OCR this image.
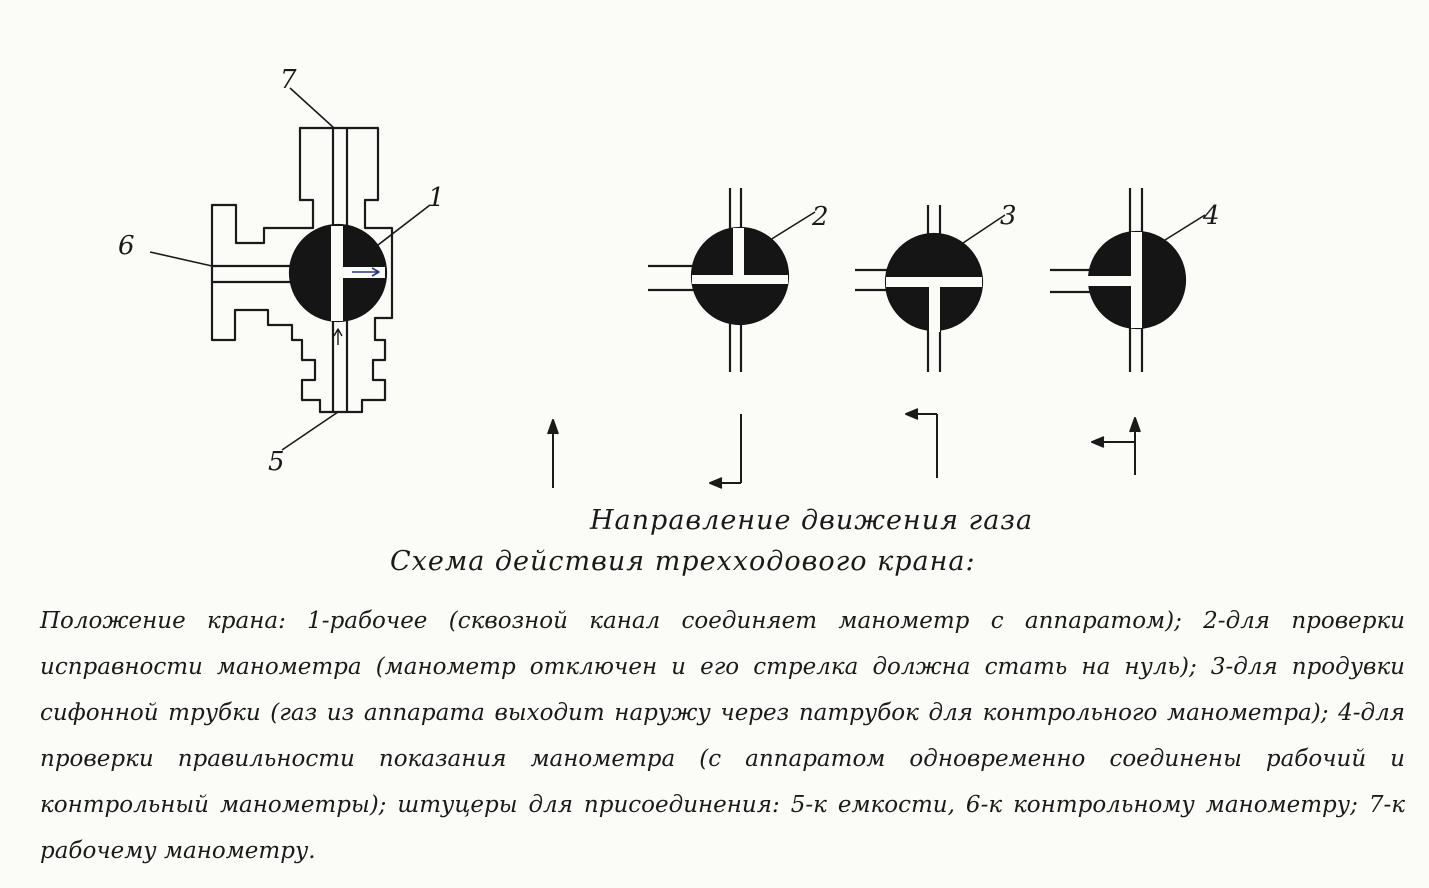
7
6
5
1
2	3	4
Направление движения газа
Схема действия трехходового крана:
Положение крана: 1-рабочее (сквозной канал соединяет манометр с аппаратом); 2-для проверки исправности манометра (манометр отключен и его стрелка должна стать на нуль); 3-для продувки сифонной трубки (газ из аппарата выходит наружу через патрубок для контрольного манометра); 4-для проверки правильности показания манометра (с аппаратом одновременно соединены рабочий и контрольный манометры); штуцеры для присоединения: 5-к емкости, 6-к контрольному манометру; 7-к рабочему манометру.
